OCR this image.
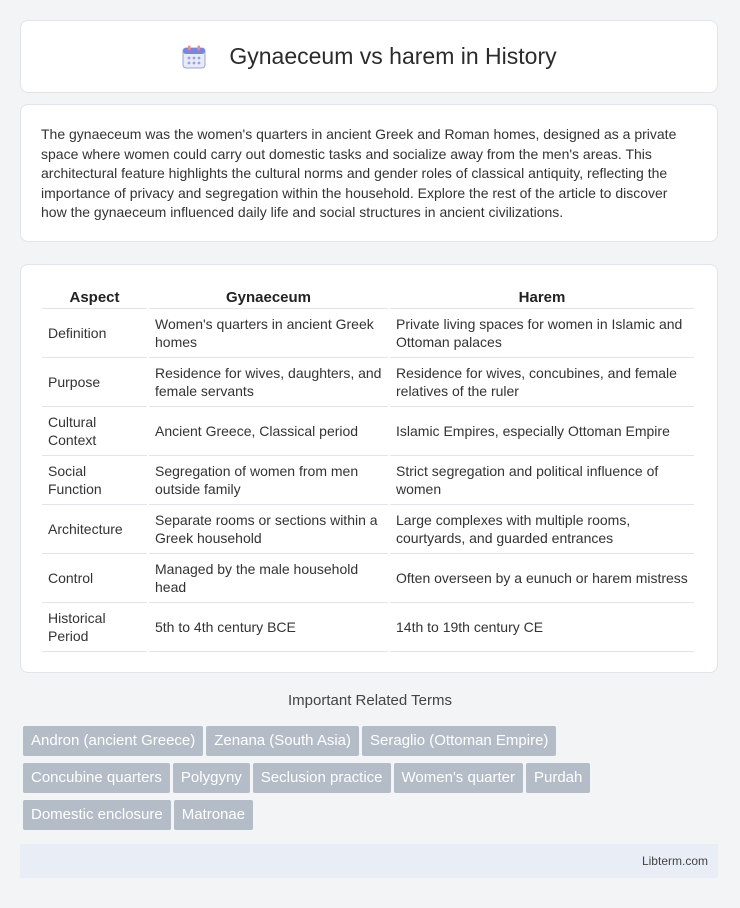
Gynaeceum vs harem in History

The gynaeceum was the women's quarters in ancient Greek and Roman homes, designed as a private space where women could carry out domestic tasks and socialize away from the men's areas. This architectural feature highlights the cultural norms and gender roles of classical antiquity, reflecting the importance of privacy and segregation within the household. Explore the rest of the article to discover how the gynaeceum influenced daily life and social structures in ancient civilizations.

Aspect	Gynaeceum	Harem
Definition	Women's quarters in ancient Greek homes	Private living spaces for women in Islamic and Ottoman palaces
Purpose	Residence for wives, daughters, and female servants	Residence for wives, concubines, and female relatives of the ruler
Cultural Context	Ancient Greece, Classical period	Islamic Empires, especially Ottoman Empire
Social Function	Segregation of women from men outside family	Strict segregation and political influence of women
Architecture	Separate rooms or sections within a Greek household	Large complexes with multiple rooms, courtyards, and guarded entrances
Control	Managed by the male household head	Often overseen by a eunuch or harem mistress
Historical Period	5th to 4th century BCE	14th to 19th century CE
Important Related Terms
Andron (ancient Greece) Zenana (South Asia) Seraglio (Ottoman Empire) Concubine quarters Polygyny Seclusion practice Women's quarter Purdah Domestic enclosure Matronae
Libterm.com
